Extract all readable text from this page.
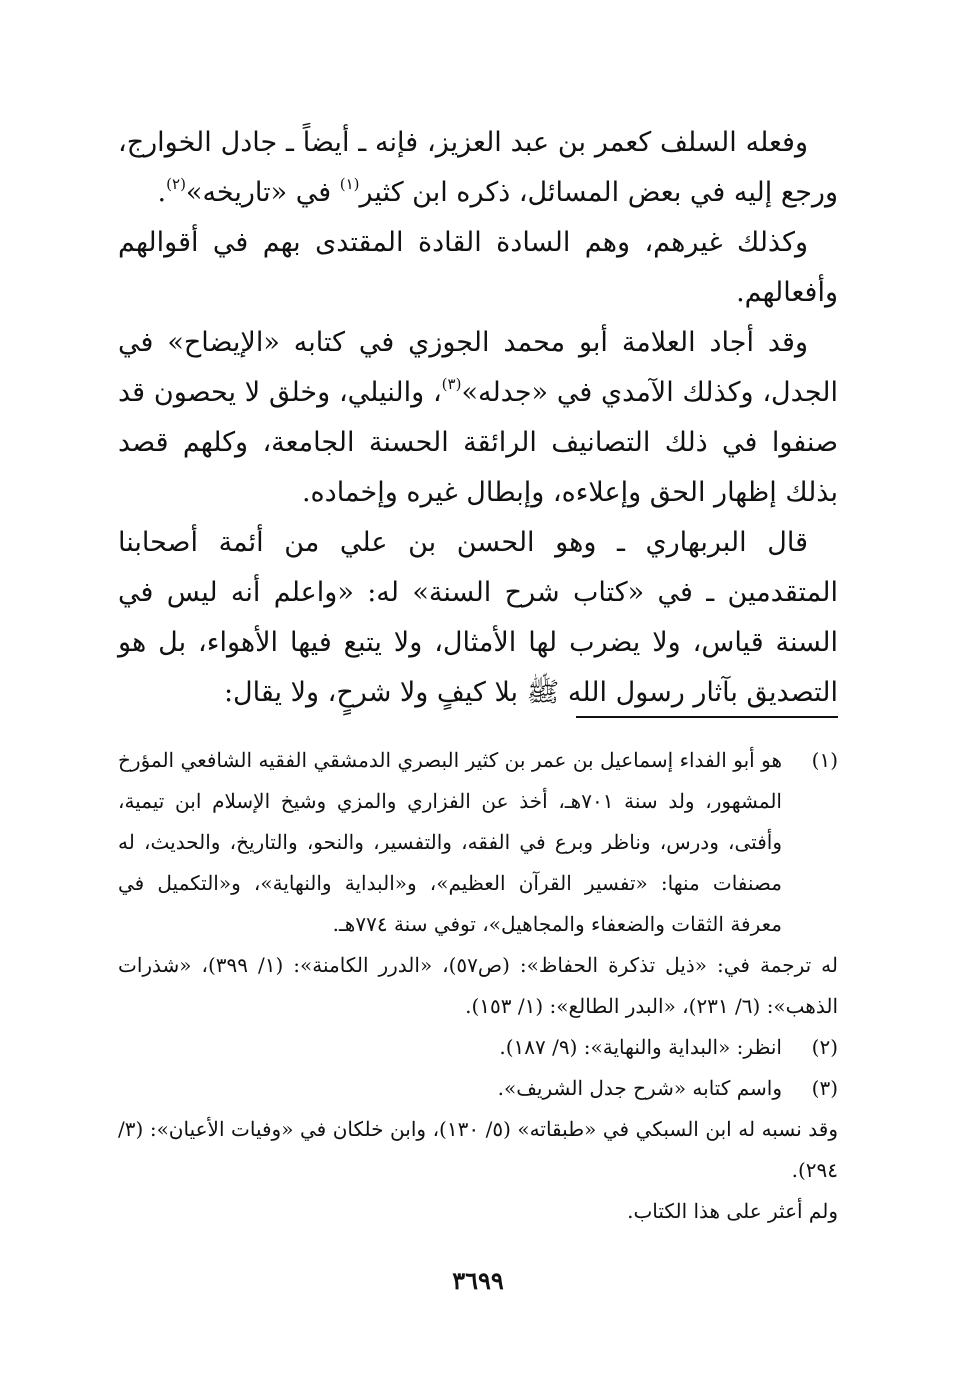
وفعله السلف كعمر بن عبد العزيز، فإنه ـ أيضاً ـ جادل الخوارج، ورجع إليه في بعض المسائل، ذكره ابن كثير$^{(١)}$ في «تاريخه»$^{(٢)}$.

وكذلك غيرهم، وهم السادة القادة المقتدى بهم في أقوالهم وأفعالهم.

وقد أجاد العلامة أبو محمد الجوزي في كتابه «الإيضاح» في الجدل، وكذلك الآمدي في «جدله»$^{(٣)}$، والنيلي، وخلق لا يحصون قد صنفوا في ذلك التصانيف الرائقة الحسنة الجامعة، وكلهم قصد بذلك إظهار الحق وإعلاءه، وإبطال غيره وإخماده.

قال البربهاري ـ وهو الحسن بن علي من أئمة أصحابنا المتقدمين ـ في «كتاب شرح السنة» له: «واعلم أنه ليس في السنة قياس، ولا يضرب لها الأمثال، ولا يتبع فيها الأهواء، بل هو التصديق بآثار رسول الله ﷺ بلا كيفٍ ولا شرحٍ، ولا يقال:

(١)

هو أبو الفداء إسماعيل بن عمر بن كثير البصري الدمشقي الفقيه الشافعي المؤرخ المشهور، ولد سنة ٧٠١هـ، أخذ عن الفزاري والمزي وشيخ الإسلام ابن تيمية، وأفتى، ودرس، وناظر وبرع في الفقه، والتفسير، والنحو، والتاريخ، والحديث، له مصنفات منها: «تفسير القرآن العظيم»، و«البداية والنهاية»، و«التكميل في معرفة الثقات والضعفاء والمجاهيل»، توفي سنة ٧٧٤هـ.

له ترجمة في: «ذيل تذكرة الحفاظ»: (ص٥٧)، «الدرر الكامنة»: (١/ ٣٩٩)، «شذرات الذهب»: (٦/ ٢٣١)، «البدر الطالع»: (١/ ١٥٣).

(٢)

انظر: «البداية والنهاية»: (٩/ ١٨٧).

(٣)

واسم كتابه «شرح جدل الشريف».

وقد نسبه له ابن السبكي في «طبقاته» (٥/ ١٣٠)، وابن خلكان في «وفيات الأعيان»: (٣/ ٢٩٤).

ولم أعثر على هذا الكتاب.

٣٦٩٩
